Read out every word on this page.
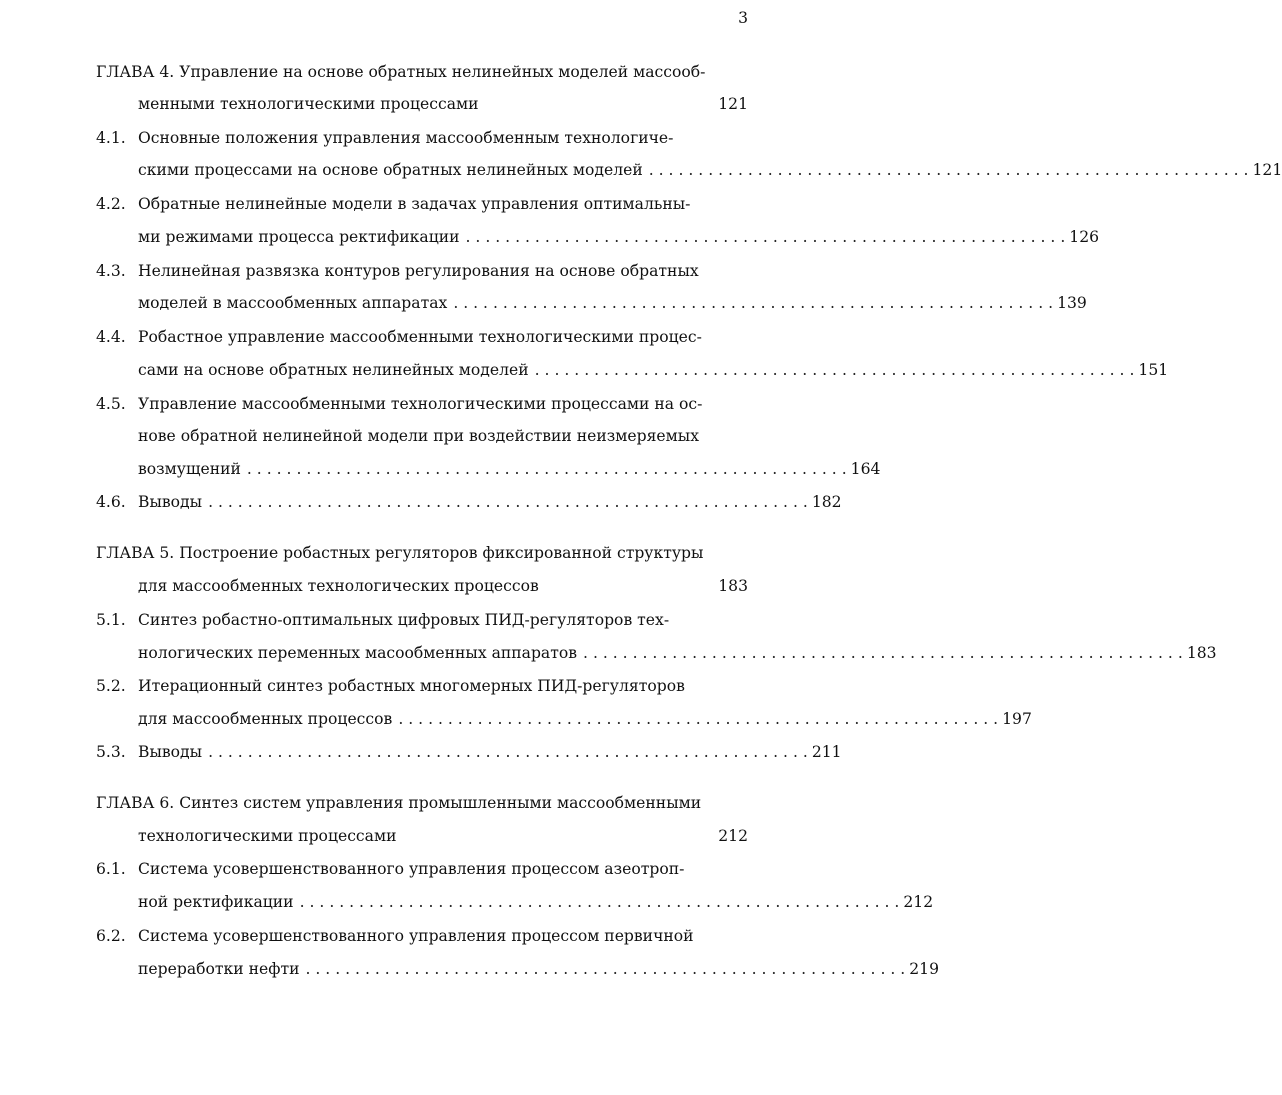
3
ГЛАВА 4. Управление на основе обратных нелинейных моделей массооб-
менными технологическими процессами	121
4.1. Основные положения управления массообменным технологиче-
скими процессами на основе обратных нелинейных моделей . . . . . . . . . . . . . . . . . . . . . . . . . . . . . . . . . . . . . . . . . . . . . . . . . . . . . . . . . . . . . 121
4.2. Обратные нелинейные модели в задачах управления оптимальны-
ми режимами процесса ректификации . . . . . . . . . . . . . . . . . . . . . . . . . . . . . . . . . . . . . . . . . . . . . . . . . . . . . . . . . . . . . 126
4.3. Нелинейная развязка контуров регулирования на основе обратных
моделей в массообменных аппаратах . . . . . . . . . . . . . . . . . . . . . . . . . . . . . . . . . . . . . . . . . . . . . . . . . . . . . . . . . . . . . 139
4.4. Робастное управление массообменными технологическими процес-
сами на основе обратных нелинейных моделей . . . . . . . . . . . . . . . . . . . . . . . . . . . . . . . . . . . . . . . . . . . . . . . . . . . . . . . . . . . . . 151
4.5. Управление массообменными технологическими процессами на ос-
нове обратной нелинейной модели при воздействии неизмеряемых
возмущений . . . . . . . . . . . . . . . . . . . . . . . . . . . . . . . . . . . . . . . . . . . . . . . . . . . . . . . . . . . . . 164
4.6. Выводы . . . . . . . . . . . . . . . . . . . . . . . . . . . . . . . . . . . . . . . . . . . . . . . . . . . . . . . . . . . . . 182
ГЛАВА 5. Построение робастных регуляторов фиксированной структуры
для массообменных технологических процессов	183
5.1. Синтез робастно-оптимальных цифровых ПИД-регуляторов тех-
нологических переменных масообменных аппаратов . . . . . . . . . . . . . . . . . . . . . . . . . . . . . . . . . . . . . . . . . . . . . . . . . . . . . . . . . . . . . 183
5.2. Итерационный синтез робастных многомерных ПИД-регуляторов
для массообменных процессов . . . . . . . . . . . . . . . . . . . . . . . . . . . . . . . . . . . . . . . . . . . . . . . . . . . . . . . . . . . . . 197
5.3. Выводы . . . . . . . . . . . . . . . . . . . . . . . . . . . . . . . . . . . . . . . . . . . . . . . . . . . . . . . . . . . . . 211
ГЛАВА 6. Синтез систем управления промышленными массообменными
технологическими процессами	212
6.1. Система усовершенствованного управления процессом азеотроп-
ной ректификации . . . . . . . . . . . . . . . . . . . . . . . . . . . . . . . . . . . . . . . . . . . . . . . . . . . . . . . . . . . . . 212
6.2. Система усовершенствованного управления процессом первичной
переработки нефти . . . . . . . . . . . . . . . . . . . . . . . . . . . . . . . . . . . . . . . . . . . . . . . . . . . . . . . . . . . . . 219
